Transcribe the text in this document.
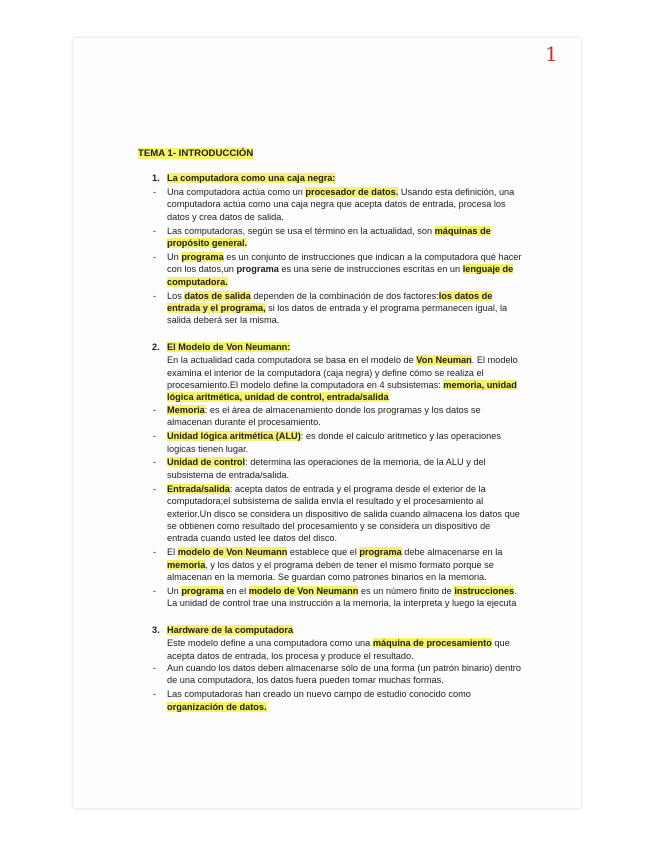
1
TEMA 1- INTRODUCCIÓN
1. La computadora como una caja negra:
- Una computadora actúa como un procesador de datos. Usando esta definición, una computadora actúa como una caja negra que acepta datos de entrada, procesa los datos y crea datos de salida.
- Las computadoras, según se usa el término en la actualidad, son máquinas de propósito general.
- Un programa es un conjunto de instrucciones que indican a la computadora qué hacer con los datos,un programa es una serie de instrucciones escritas en un lenguaje de computadora.
- Los datos de salida dependen de la combinación de dos factores:los datos de entrada y el programa, si los datos de entrada y el programa permanecen igual, la salida deberá ser la misma.
2. El Modelo de Von Neumann:

En la actualidad cada computadora se basa en el modelo de Von Neuman. El modelo examina el interior de la computadora (caja negra) y define cómo se realiza el procesamiento.El modelo define la computadora en 4 subsistemas: memoria, unidad lógica aritmética, unidad de control, entrada/salida

- Memoria: es el área de almacenamiento donde los programas y los datos se almacenan durante el procesamiento.
- Unidad lógica aritmética (ALU): es donde el calculo aritmetico y las operaciones logicas tienen lugar.
- Unidad de control: determina las operaciones de la memoria, de la ALU y del subsistema de entrada/salida.
- Entrada/salida: acepta datos de entrada y el programa desde el exterior de la computadora;el subsistema de salida envía el resultado y el procesamiento al exterior.Un disco se considera un dispositivo de salida cuando almacena los datos que se obtienen como resultado del procesamiento y se considera un dispositivo de entrada cuando usted lee datos del disco.
- El modelo de Von Neumann establece que el programa debe almacenarse en la memoria, y los datos y el programa deben de tener el mismo formato porque se almacenan en la memoria. Se guardan como patrones binarios en la memoria.
- Un programa en el modelo de Von Neumann es un número finito de instrucciones. La unidad de control trae una instrucción a la memoria, la interpreta y luego la ejecuta
3. Hardware de la computadora

Este modelo define a una computadora como una máquina de procesamiento que acepta datos de entrada, los procesa y produce el resultado.

- Aun cuando los datos deben almacenarse sólo de una forma (un patrón binario) dentro de una computadora, los datos fuera pueden tomar muchas formas.
- Las computadoras han creado un nuevo campo de estudio conocido como organización de datos.
